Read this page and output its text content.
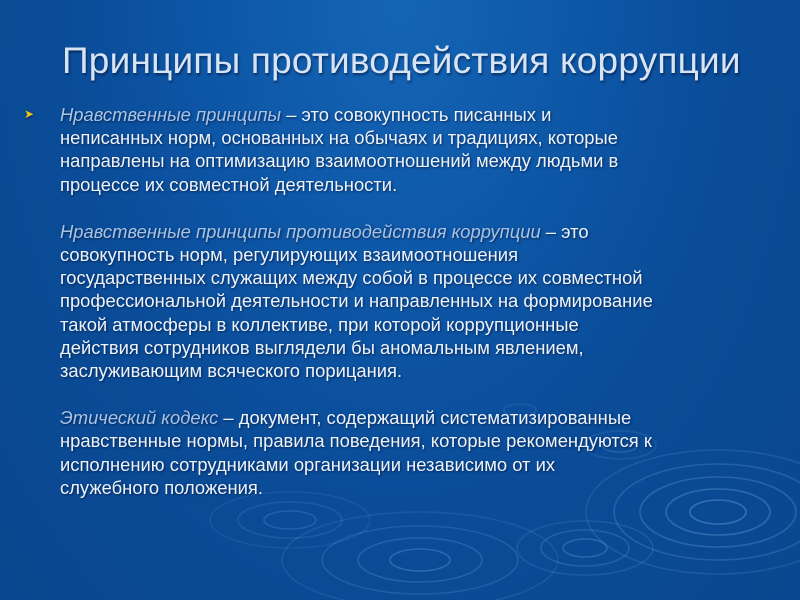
Принципы противодействия коррупции

➤ Нравственные принципы – это совокупность писанных и
неписанных норм, основанных на обычаях и традициях, которые
направлены на оптимизацию взаимоотношений между людьми в
процессе их совместной деятельности.

Нравственные принципы противодействия коррупции – это
совокупность норм, регулирующих взаимоотношения
государственных служащих между собой в процессе их совместной
профессиональной деятельности и направленных на формирование
такой атмосферы в коллективе, при которой коррупционные
действия сотрудников выглядели бы аномальным явлением,
заслуживающим всяческого порицания.

Этический кодекс – документ, содержащий систематизированные
нравственные нормы, правила поведения, которые рекомендуются к
исполнению сотрудниками организации независимо от их
служебного положения.
